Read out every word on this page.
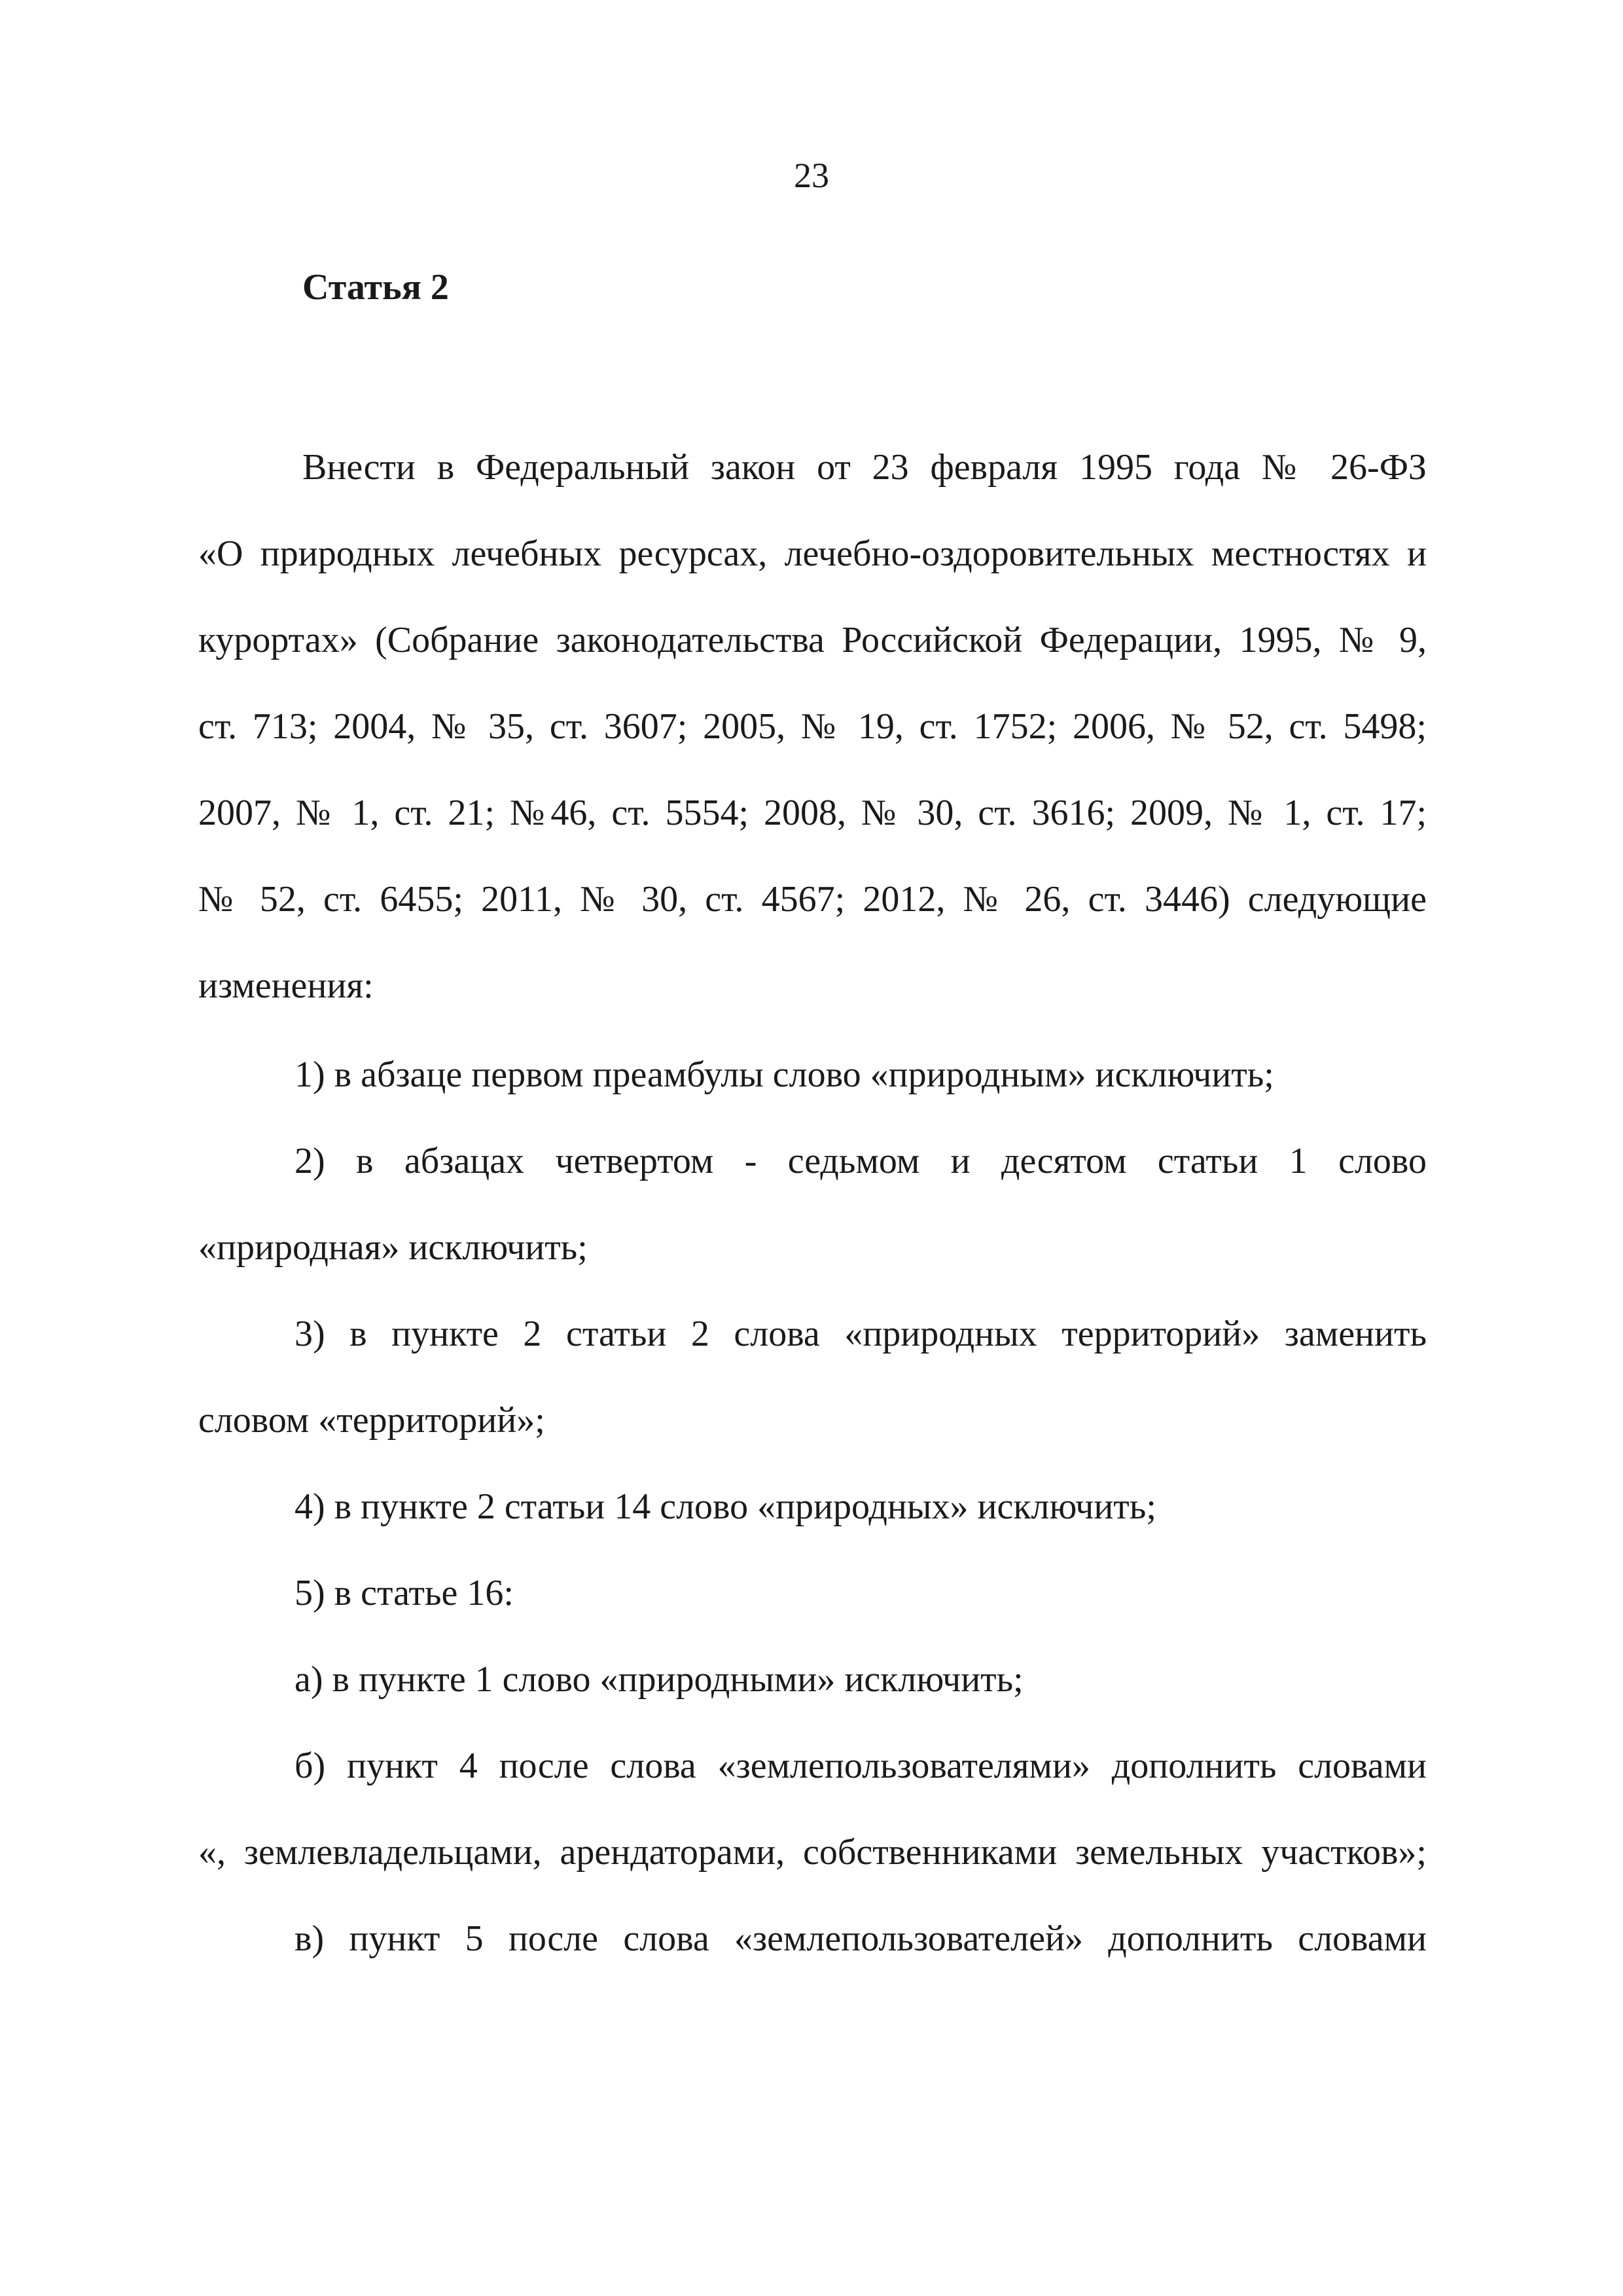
23
Статья 2
Внести в Федеральный закон от 23 февраля 1995 года № 26-ФЗ
«О природных лечебных ресурсах, лечебно-оздоровительных местностях и
курортах» (Собрание законодательства Российской Федерации, 1995, № 9,
ст. 713; 2004, № 35, ст. 3607; 2005, № 19, ст. 1752; 2006, № 52, ст. 5498;
2007, № 1, ст. 21; №46, ст. 5554; 2008, № 30, ст. 3616; 2009, № 1, ст. 17;
№ 52, ст. 6455; 2011, № 30, ст. 4567; 2012, № 26, ст. 3446) следующие
изменения:
1) в абзаце первом преамбулы слово «природным» исключить;
2) в абзацах четвертом - седьмом и десятом статьи 1 слово
«природная» исключить;
3) в пункте 2 статьи 2 слова «природных территорий» заменить
словом «территорий»;
4) в пункте 2 статьи 14 слово «природных» исключить;
5) в статье 16:
а) в пункте 1 слово «природными» исключить;
б) пункт 4 после слова «землепользователями» дополнить словами
«, землевладельцами, арендаторами, собственниками земельных участков»;
в) пункт 5 после слова «землепользователей» дополнить словами
